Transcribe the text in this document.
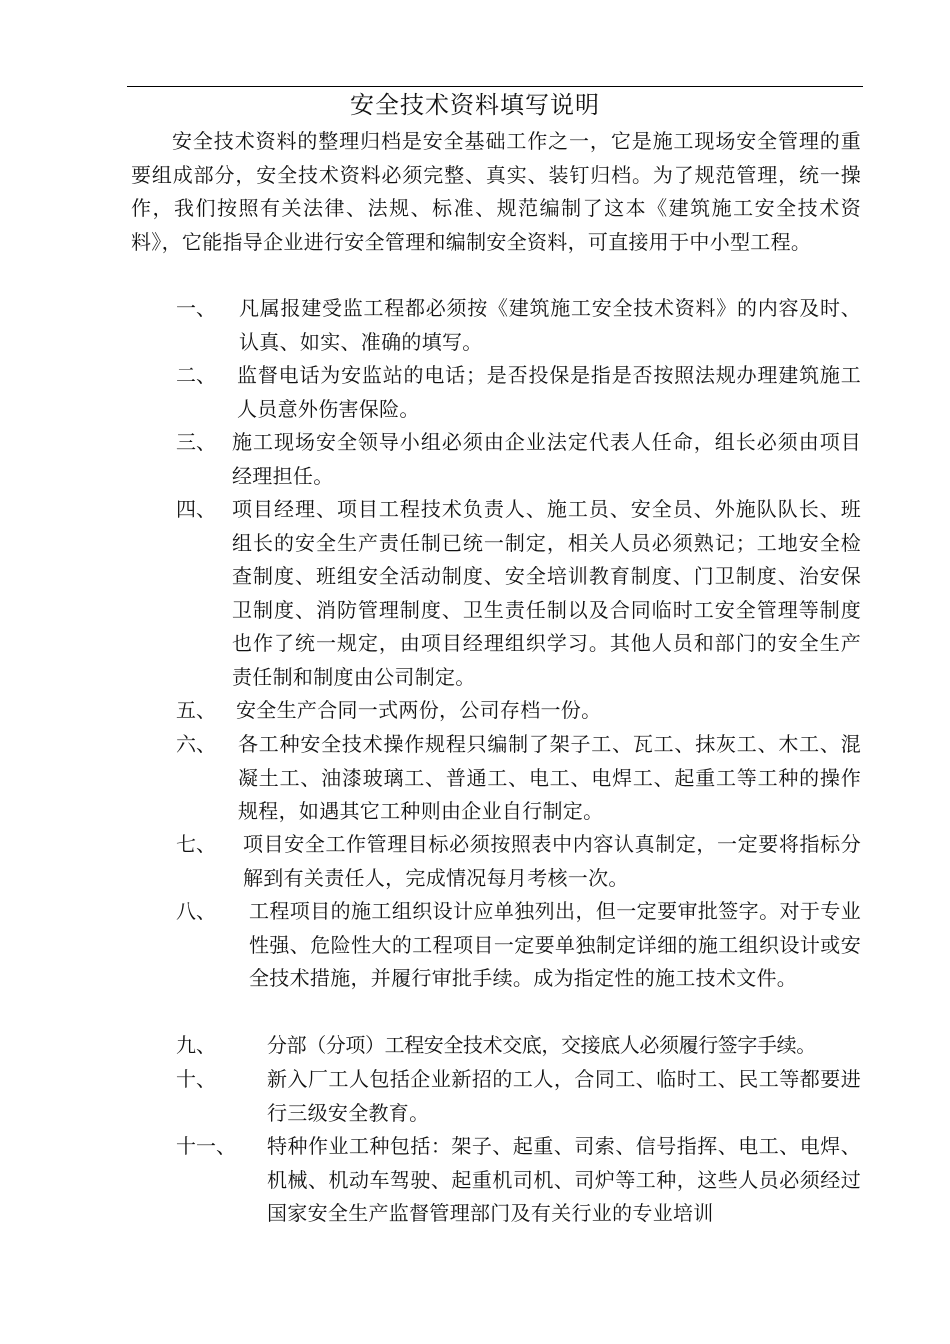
安全技术资料填写说明
安全技术资料的整理归档是安全基础工作之一，它是施工现场安全管理的重要组成部分，安全技术资料必须完整、真实、装钉归档。为了规范管理，统一操作，我们按照有关法律、法规、标准、规范编制了这本《建筑施工安全技术资料》，它能指导企业进行安全管理和编制安全资料，可直接用于中小型工程。
一、 凡属报建受监工程都必须按《建筑施工安全技术资料》的内容及时、认真、如实、准确的填写。
二、 监督电话为安监站的电话；是否投保是指是否按照法规办理建筑施工人员意外伤害保险。
三、 施工现场安全领导小组必须由企业法定代表人任命，组长必须由项目经理担任。
四、 项目经理、项目工程技术负责人、施工员、安全员、外施队队长、班组长的安全生产责任制已统一制定，相关人员必须熟记；工地安全检查制度、班组安全活动制度、安全培训教育制度、门卫制度、治安保卫制度、消防管理制度、卫生责任制以及合同临时工安全管理等制度也作了统一规定，由项目经理组织学习。其他人员和部门的安全生产责任制和制度由公司制定。
五、 安全生产合同一式两份，公司存档一份。
六、 各工种安全技术操作规程只编制了架子工、瓦工、抹灰工、木工、混凝土工、油漆玻璃工、普通工、电工、电焊工、起重工等工种的操作规程，如遇其它工种则由企业自行制定。
七、 项目安全工作管理目标必须按照表中内容认真制定，一定要将指标分解到有关责任人，完成情况每月考核一次。
八、 工程项目的施工组织设计应单独列出，但一定要审批签字。对于专业性强、危险性大的工程项目一定要单独制定详细的施工组织设计或安全技术措施，并履行审批手续。成为指定性的施工技术文件。
九、	分部（分项）工程安全技术交底，交接底人必须履行签字手续。
十、	新入厂工人包括企业新招的工人，合同工、临时工、民工等都要进行三级安全教育。
十一、 特种作业工种包括：架子、起重、司索、信号指挥、电工、电焊、机械、机动车驾驶、起重机司机、司炉等工种，这些人员必须经过国家安全生产监督管理部门及有关行业的专业培训
